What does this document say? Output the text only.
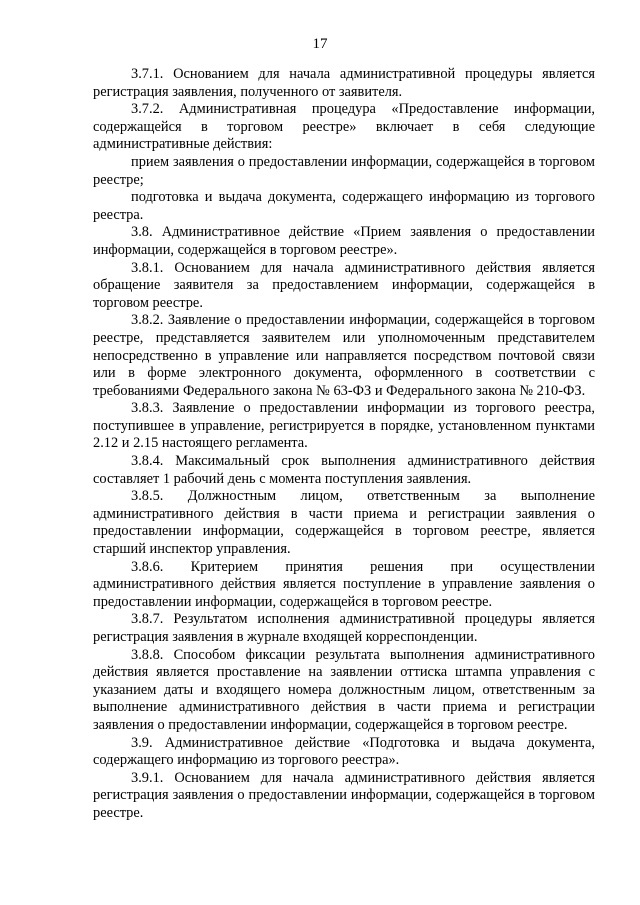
17

3.7.1. Основанием для начала административной процедуры является регистрация заявления, полученного от заявителя.

3.7.2. Административная процедура «Предоставление информации, содержащейся в торговом реестре» включает в себя следующие административные действия:

прием заявления о предоставлении информации, содержащейся в торговом реестре;

подготовка и выдача документа, содержащего информацию из торгового реестра.

3.8. Административное действие «Прием заявления о предоставлении информации, содержащейся в торговом реестре».

3.8.1. Основанием для начала административного действия является обращение заявителя за предоставлением информации, содержащейся в торговом реестре.

3.8.2. Заявление о предоставлении информации, содержащейся в торговом реестре, представляется заявителем или уполномоченным представителем непосредственно в управление или направляется посредством почтовой связи или в форме электронного документа, оформленного в соответствии с требованиями Федерального закона № 63-ФЗ и Федерального закона № 210-ФЗ.

3.8.3. Заявление о предоставлении информации из торгового реестра, поступившее в управление, регистрируется в порядке, установленном пунктами 2.12 и 2.15 настоящего регламента.

3.8.4. Максимальный срок выполнения административного действия составляет 1 рабочий день с момента поступления заявления.

3.8.5. Должностным лицом, ответственным за выполнение административного действия в части приема и регистрации заявления о предоставлении информации, содержащейся в торговом реестре, является старший инспектор управления.

3.8.6. Критерием принятия решения при осуществлении административного действия является поступление в управление заявления о предоставлении информации, содержащейся в торговом реестре.

3.8.7. Результатом исполнения административной процедуры является регистрация заявления в журнале входящей корреспонденции.

3.8.8. Способом фиксации результата выполнения административного действия является проставление на заявлении оттиска штампа управления с указанием даты и входящего номера должностным лицом, ответственным за выполнение административного действия в части приема и регистрации заявления о предоставлении информации, содержащейся в торговом реестре.

3.9. Административное действие «Подготовка и выдача документа, содержащего информацию из торгового реестра».

3.9.1. Основанием для начала административного действия является регистрация заявления о предоставлении информации, содержащейся в торговом реестре.
